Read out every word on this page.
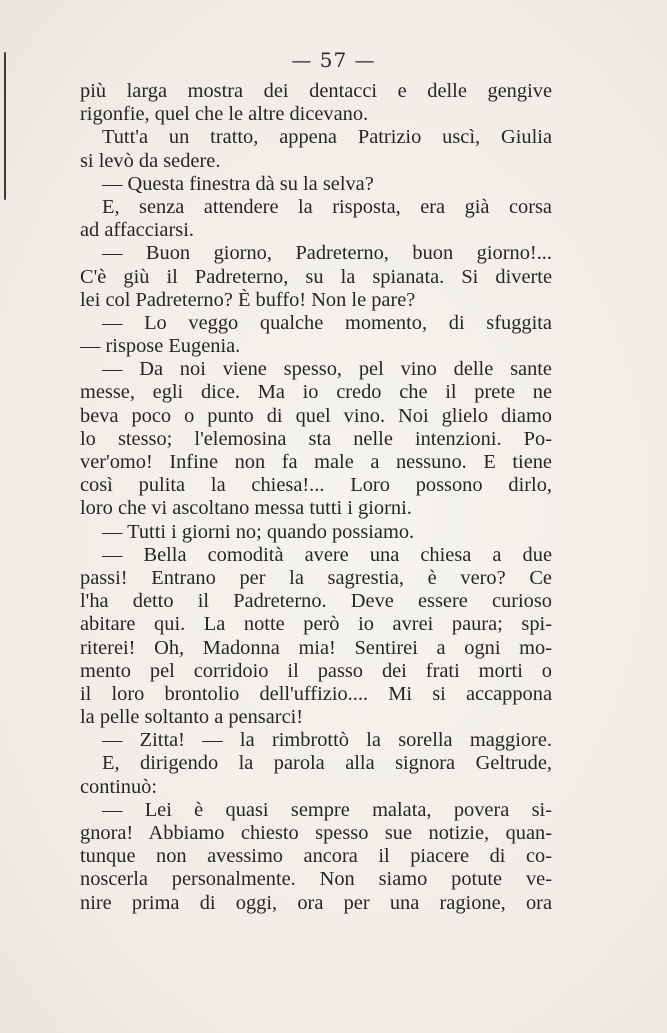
— 57 —
più larga mostra dei dentacci e delle gengive
rigonfie, quel che le altre dicevano.
Tutt'a un tratto, appena Patrizio uscì, Giulia
si levò da sedere.
— Questa finestra dà su la selva?
E, senza attendere la risposta, era già corsa
ad affacciarsi.
— Buon giorno, Padreterno, buon giorno!...
C'è giù il Padreterno, su la spianata. Si diverte
lei col Padreterno? È buffo! Non le pare?
— Lo veggo qualche momento, di sfuggita
— rispose Eugenia.
— Da noi viene spesso, pel vino delle sante
messe, egli dice. Ma io credo che il prete ne
beva poco o punto di quel vino. Noi glielo diamo
lo stesso; l'elemosina sta nelle intenzioni. Po-
ver'omo! Infine non fa male a nessuno. E tiene
così pulita la chiesa!... Loro possono dirlo,
loro che vi ascoltano messa tutti i giorni.
— Tutti i giorni no; quando possiamo.
— Bella comodità avere una chiesa a due
passi! Entrano per la sagrestia, è vero? Ce
l'ha detto il Padreterno. Deve essere curioso
abitare qui. La notte però io avrei paura; spi-
riterei! Oh, Madonna mia! Sentirei a ogni mo-
mento pel corridoio il passo dei frati morti o
il loro brontolio dell'uffizio.... Mi si accappona
la pelle soltanto a pensarci!
— Zitta! — la rimbrottò la sorella maggiore.
E, dirigendo la parola alla signora Geltrude,
continuò:
— Lei è quasi sempre malata, povera si-
gnora! Abbiamo chiesto spesso sue notizie, quan-
tunque non avessimo ancora il piacere di co-
noscerla personalmente. Non siamo potute ve-
nire prima di oggi, ora per una ragione, ora
